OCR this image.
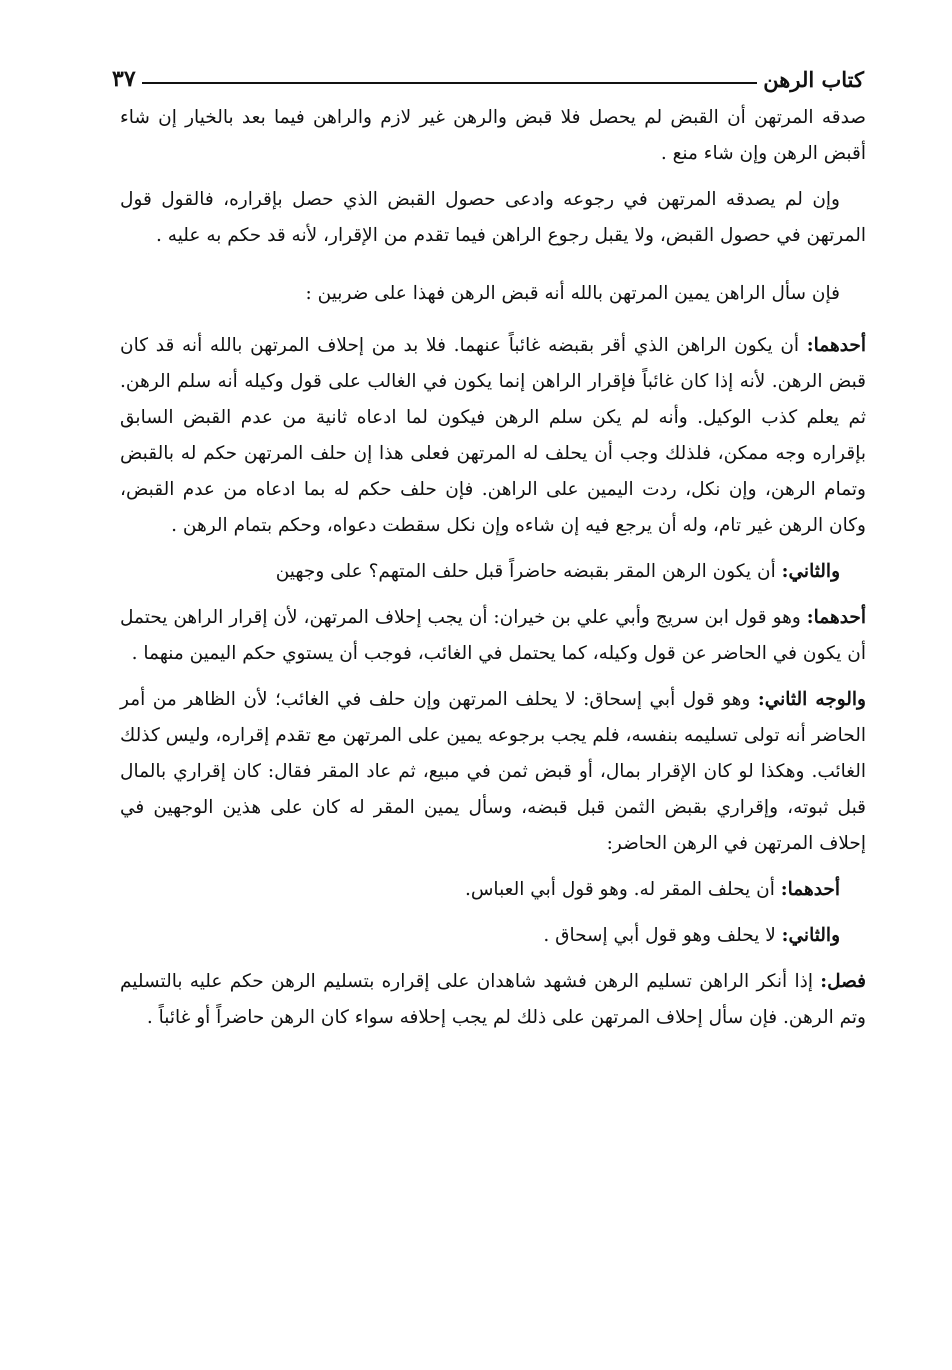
كتاب الرهن
٣٧

صدقه المرتهن أن القبض لم يحصل فلا قبض والرهن غير لازم والراهن فيما بعد بالخيار إن شاء أقبض الرهن وإن شاء منع .

وإن لم يصدقه المرتهن في رجوعه وادعى حصول القبض الذي حصل بإقراره، فالقول قول المرتهن في حصول القبض، ولا يقبل رجوع الراهن فيما تقدم من الإقرار، لأنه قد حكم به عليه .

فإن سأل الراهن يمين المرتهن بالله أنه قبض الرهن فهذا على ضربين :

أحدهما: أن يكون الراهن الذي أقر بقبضه غائباً عنهما. فلا بد من إحلاف المرتهن بالله أنه قد كان قبض الرهن. لأنه إذا كان غائباً فإقرار الراهن إنما يكون في الغالب على قول وكيله أنه سلم الرهن. ثم يعلم كذب الوكيل. وأنه لم يكن سلم الرهن فيكون لما ادعاه ثانية من عدم القبض السابق بإقراره وجه ممكن، فلذلك وجب أن يحلف له المرتهن فعلى هذا إن حلف المرتهن حكم له بالقبض وتمام الرهن، وإن نكل، ردت اليمين على الراهن. فإن حلف حكم له بما ادعاه من عدم القبض، وكان الرهن غير تام، وله أن يرجع فيه إن شاءه وإن نكل سقطت دعواه، وحكم بتمام الرهن .

والثاني: أن يكون الرهن المقر بقبضه حاضراً قبل حلف المتهم؟ على وجهين

أحدهما: وهو قول ابن سريج وأبي علي بن خيران: أن يجب إحلاف المرتهن، لأن إقرار الراهن يحتمل أن يكون في الحاضر عن قول وكيله، كما يحتمل في الغائب، فوجب أن يستوي حكم اليمين منهما .

والوجه الثاني: وهو قول أبي إسحاق: لا يحلف المرتهن وإن حلف في الغائب؛ لأن الظاهر من أمر الحاضر أنه تولى تسليمه بنفسه، فلم يجب برجوعه يمين على المرتهن مع تقدم إقراره، وليس كذلك الغائب. وهكذا لو كان الإقرار بمال، أو قبض ثمن في مبيع، ثم عاد المقر فقال: كان إقراري بالمال قبل ثبوته، وإقراري بقبض الثمن قبل قبضه، وسأل يمين المقر له كان على هذين الوجهين في إحلاف المرتهن في الرهن الحاضر:

أحدهما: أن يحلف المقر له. وهو قول أبي العباس.

والثاني: لا يحلف وهو قول أبي إسحاق .

فصل: إذا أنكر الراهن تسليم الرهن فشهد شاهدان على إقراره بتسليم الرهن حكم عليه بالتسليم وتم الرهن. فإن سأل إحلاف المرتهن على ذلك لم يجب إحلافه سواء كان الرهن حاضراً أو غائباً .
